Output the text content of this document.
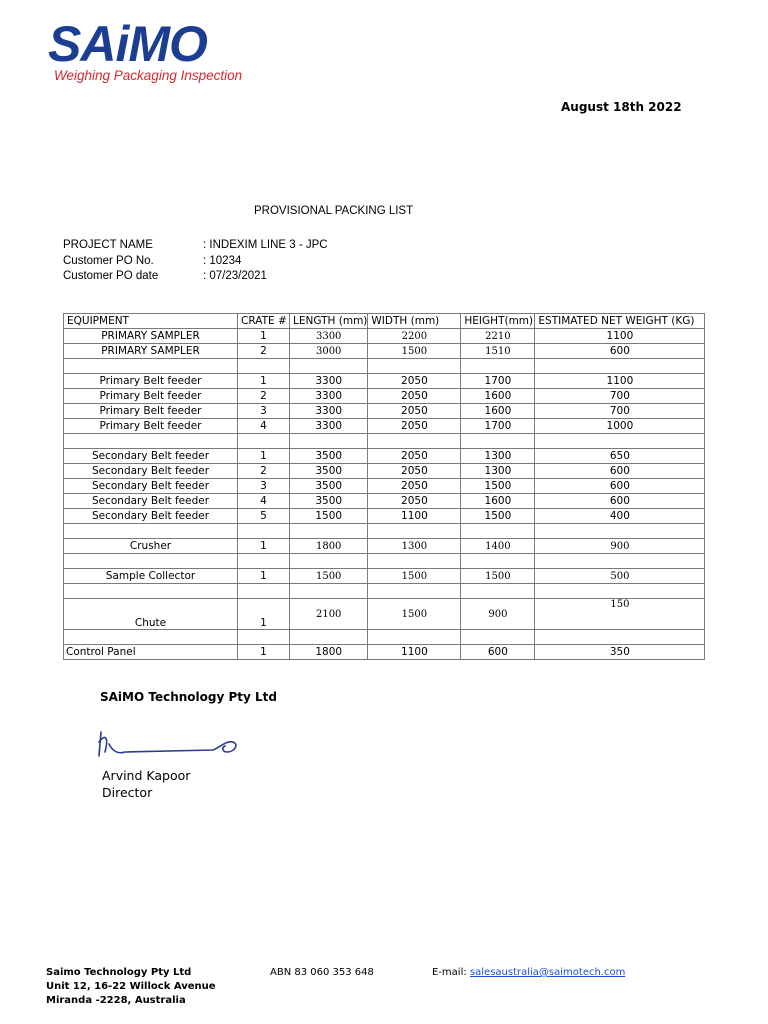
SAiMO
Weighing Packaging Inspection
August 18th 2022
PROVISIONAL PACKING LIST
PROJECT NAME	: INDEXIM LINE 3 - JPC
Customer PO No.	: 10234
Customer PO date	: 07/23/2021
EQUIPMENT	CRATE #	LENGTH (mm)	WIDTH (mm)	HEIGHT(mm)	ESTIMATED NET WEIGHT (KG)
PRIMARY SAMPLER	1	3300	2200	2210	1100
PRIMARY SAMPLER	2	3000	1500	1510	600

Primary Belt feeder	1	3300	2050	1700	1100
Primary Belt feeder	2	3300	2050	1600	700
Primary Belt feeder	3	3300	2050	1600	700
Primary Belt feeder	4	3300	2050	1700	1000

Secondary Belt feeder	1	3500	2050	1300	650
Secondary Belt feeder	2	3500	2050	1300	600
Secondary Belt feeder	3	3500	2050	1500	600
Secondary Belt feeder	4	3500	2050	1600	600
Secondary Belt feeder	5	1500	1100	1500	400

Crusher	1	1800	1300	1400	900

Sample Collector	1	1500	1500	1500	500

Chute	1	2100	1500	900	150

Control Panel	1	1800	1100	600	350
SAiMO Technology Pty Ltd
Arvind Kapoor
Director
Saimo Technology Pty Ltd
Unit 12, 16-22 Willock Avenue
Miranda -2228, Australia
ABN 83 060 353 648	E-mail: salesaustralia@saimotech.com
